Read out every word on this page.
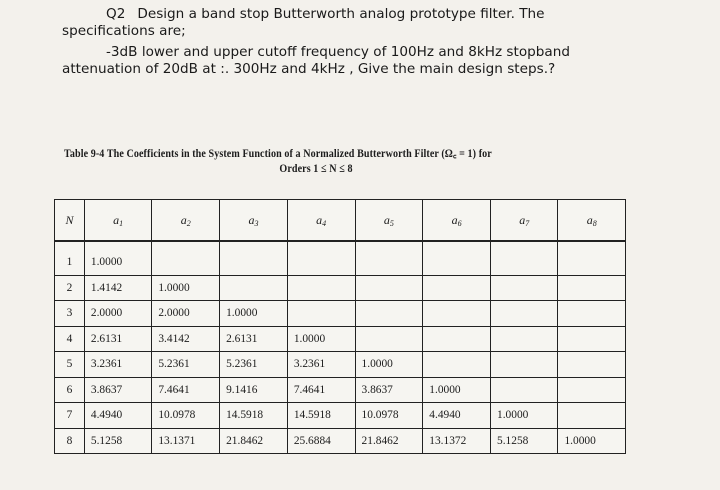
Q2 Design a band stop Butterworth analog prototype filter. The

specifications are;

-3dB lower and upper cutoff frequency of 100Hz and 8kHz stopband

attenuation of 20dB at :. 300Hz and 4kHz , Give the main design steps.?

Table 9-4 The Coefficients in the System Function of a Normalized Butterworth Filter (Ω꜀ = 1) for
Orders 1 ≤ N ≤ 8
N	$a_1$	$a_2$	$a_3$	$a_4$	$a_5$	$a_6$	$a_7$	$a_8$
1	1.0000							
2	1.4142	1.0000						
3	2.0000	2.0000	1.0000					
4	2.6131	3.4142	2.6131	1.0000				
5	3.2361	5.2361	5.2361	3.2361	1.0000			
6	3.8637	7.4641	9.1416	7.4641	3.8637	1.0000		
7	4.4940	10.0978	14.5918	14.5918	10.0978	4.4940	1.0000	
8	5.1258	13.1371	21.8462	25.6884	21.8462	13.1372	5.1258	1.0000
